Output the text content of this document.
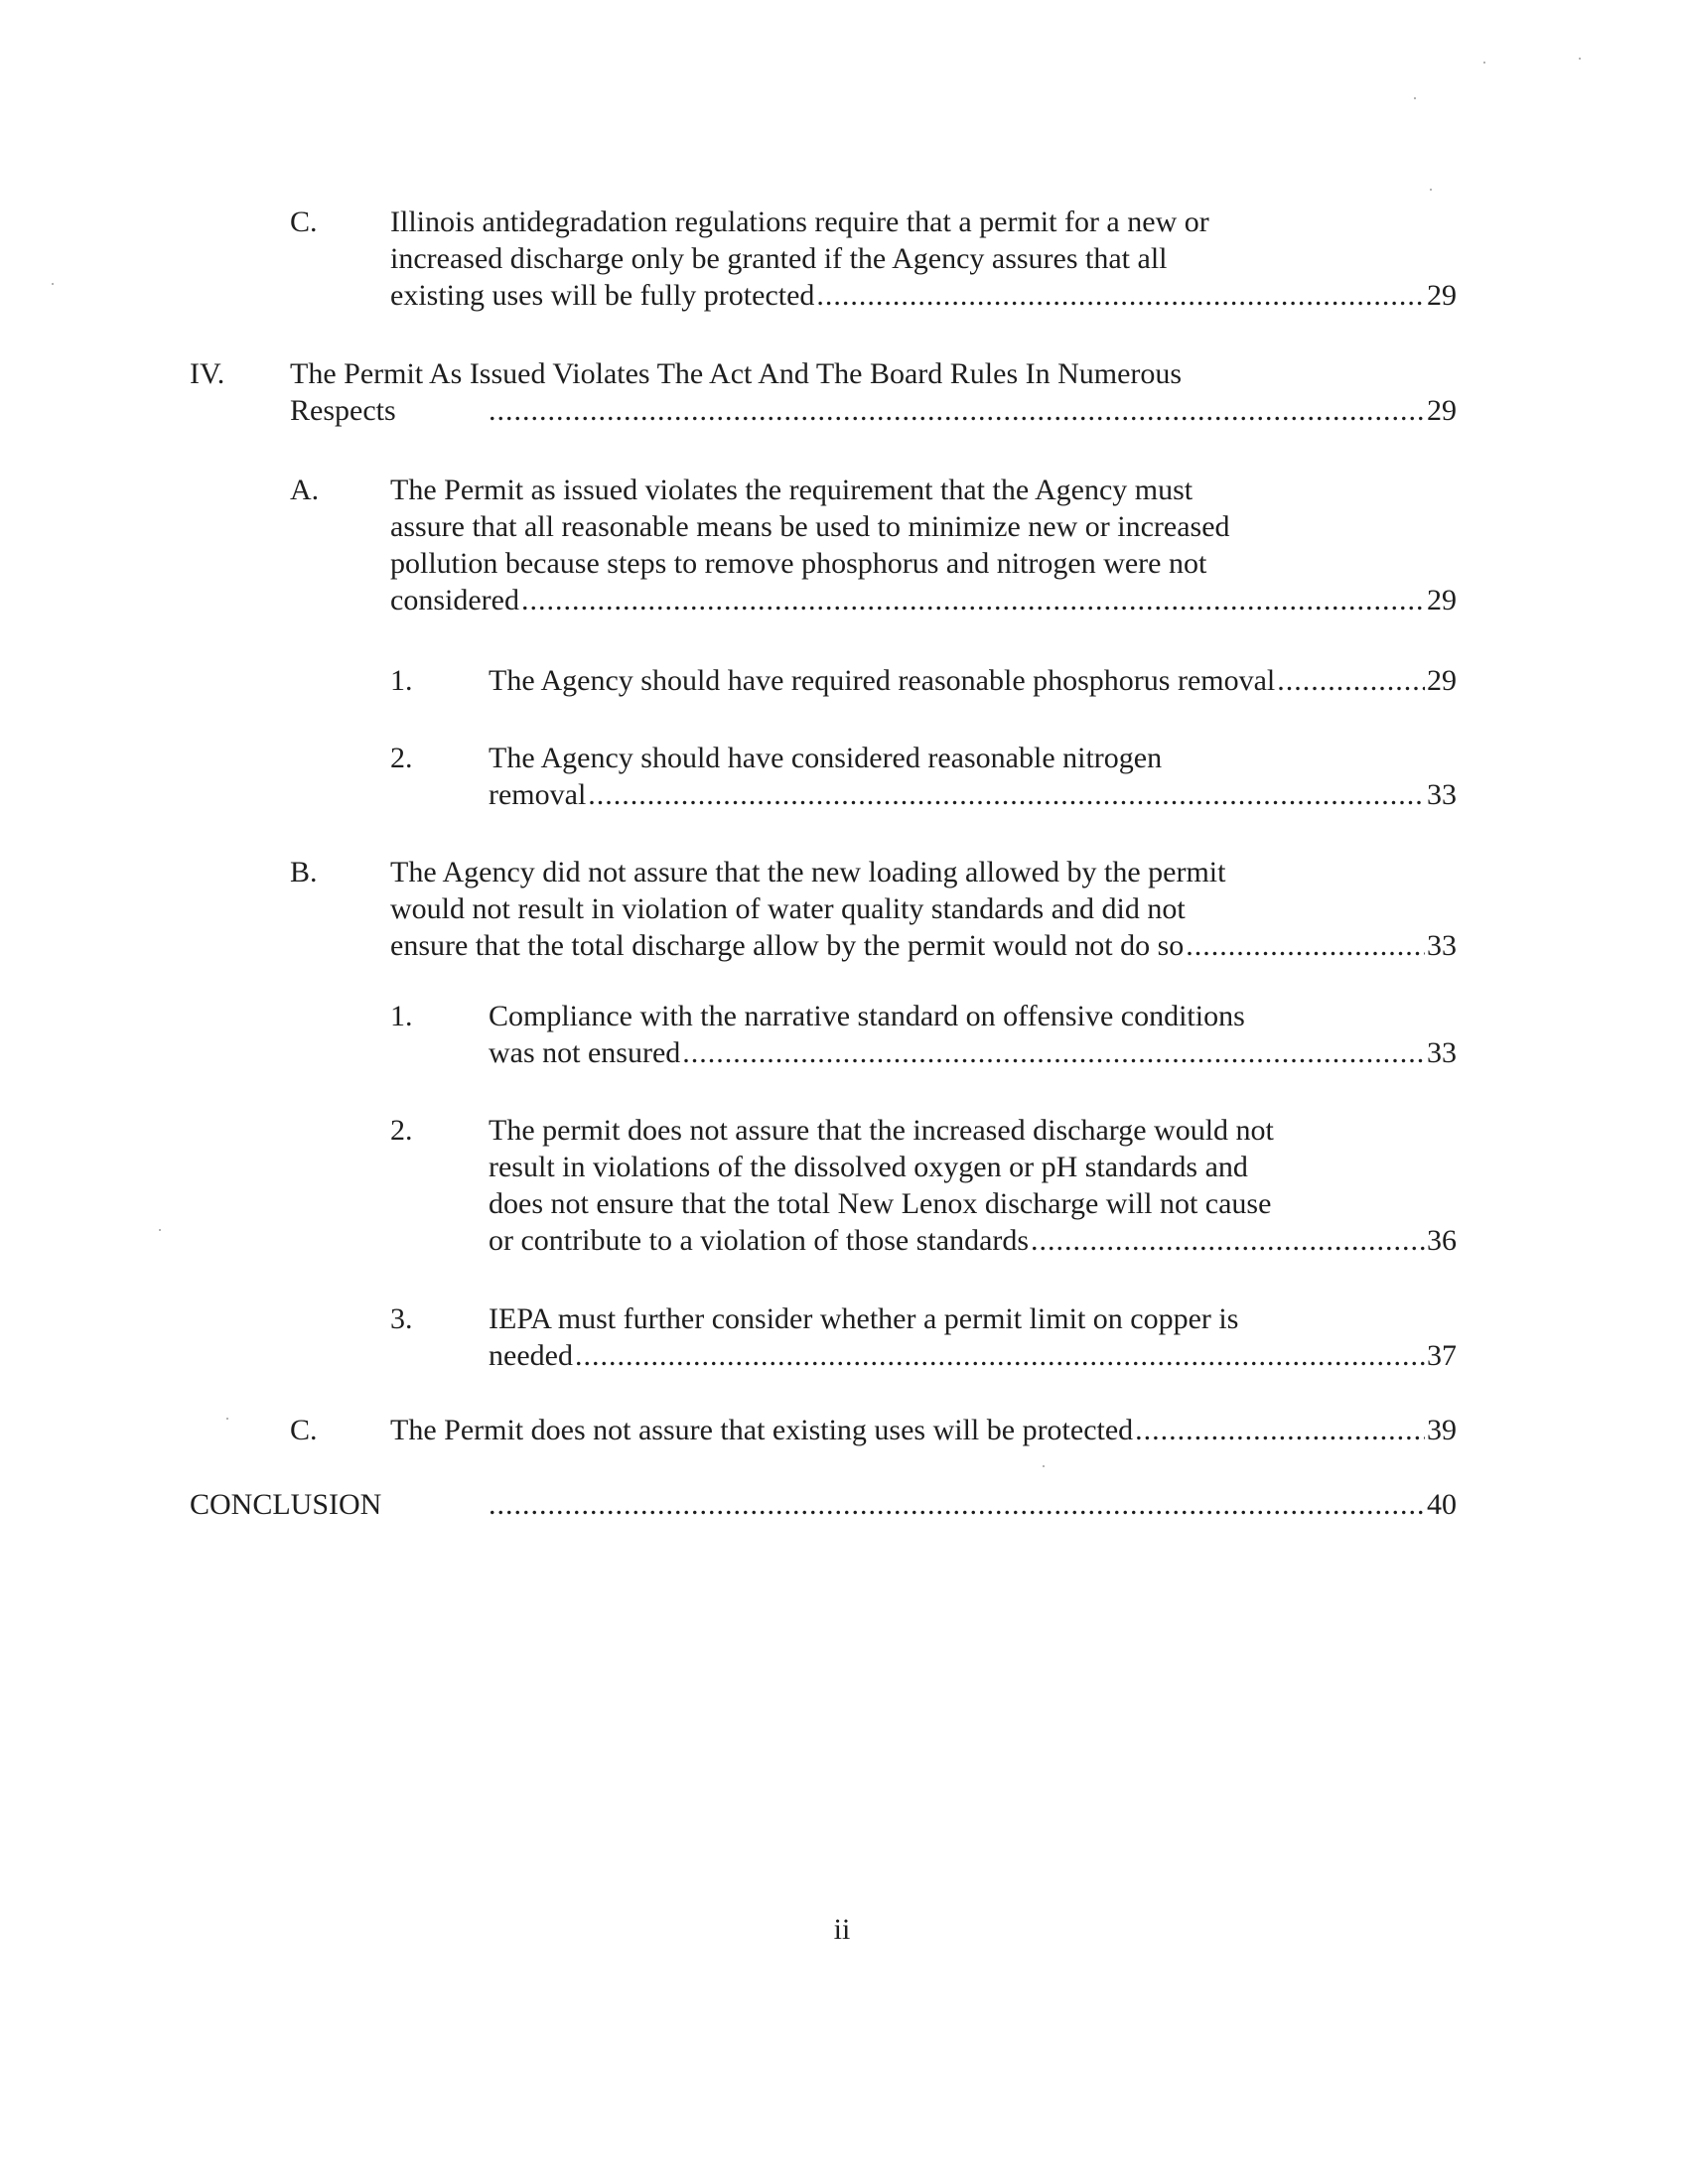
C. Illinois antidegradation regulations require that a permit for a new or
increased discharge only be granted if the Agency assures that all
existing uses will be fully protected .....	29
IV. The Permit As Issued Violates The Act And The Board Rules In Numerous
Respects .....	29
A. The Permit as issued violates the requirement that the Agency must
assure that all reasonable means be used to minimize new or increased
pollution because steps to remove phosphorus and nitrogen were not
considered .....	29
1.	The Agency should have required reasonable phosphorus removal .....	29
2.	The Agency should have considered reasonable nitrogen
removal .....	33
B. The Agency did not assure that the new loading allowed by the permit
would not result in violation of water quality standards and did not
ensure that the total discharge allow by the permit would not do so .....	33
1.	Compliance with the narrative standard on offensive conditions
was not ensured .....	33
2.	The permit does not assure that the increased discharge would not
result in violations of the dissolved oxygen or pH standards and
does not ensure that the total New Lenox discharge will not cause
or contribute to a violation of those standards .....	36
3.	IEPA must further consider whether a permit limit on copper is
needed .....	37
C. The Permit does not assure that existing uses will be protected .....	39
CONCLUSION .....	40
ii
